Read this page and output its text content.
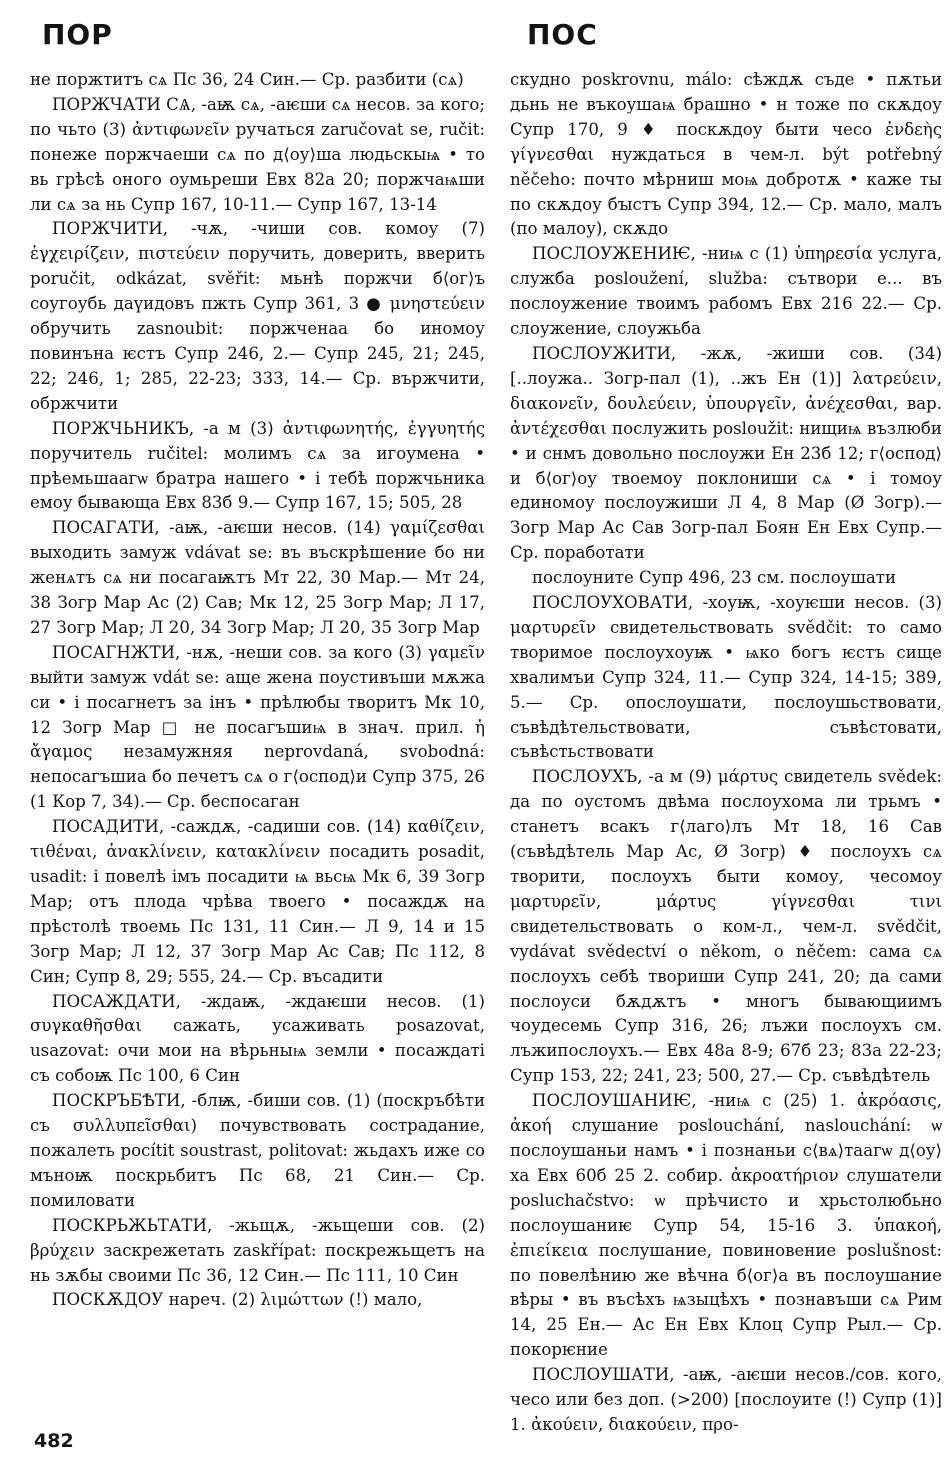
ПОР	ПОС

не поржтитъ сѧ Пс 36, 24 Син.— Ср. разбити (сѧ)

ПОРЖЧАТИ СѦ, -аѭ сѧ, -аѥши сѧ несов. за кого; по чьто (3) ἀντιφωνεῖν ручаться zaručovat se, ručit: понеже поржчаеши сѧ по д⟨оу⟩ша людьскыѩ • то вь грѣсѣ оного оумьреши Евх 82а 20; поржчаѩши ли сѧ за нь Супр 167, 10-11.— Супр 167, 13-14

ПОРЖЧИТИ, -чѫ, -чиши сов. комоу (7) ἐγχειρίζειν, πιστεύειν поручить, доверить, вверить poručit, odkázat, svěřit: мьнѣ поржчи б⟨ог⟩ъ соугоубь даүидовъ пжть Супр 361, 3 ● μνηστεύειν обручить zasnoubit: поржченаа бо иномоу повинъна ѥстъ Супр 246, 2.— Супр 245, 21; 245, 22; 246, 1; 285, 22-23; 333, 14.— Ср. вържчити, обржчити

ПОРЖЧЬНИКЪ, -а м (3) ἀντιφωνητής, ἐγγυητής поручитель ručitel: молимъ сѧ за игоумена • прѣемьшаагѡ братра нашего • і тебѣ поржчьника емоу бывающа Евх 83б 9.— Супр 167, 15; 505, 28

ПОСАГАТИ, -аѭ, -аѥши несов. (14) γαμίζεσθαι выходить замуж vdávat se: въ въскрѣшение бо ни женѧтъ сѧ ни посагаѭтъ Мт 22, 30 Мар.— Мт 24, 38 Зогр Мар Ас (2) Сав; Мк 12, 25 Зогр Мар; Л 17, 27 Зогр Мар; Л 20, 34 Зогр Мар; Л 20, 35 Зогр Мар

ПОСАГНЖТИ, -нѫ, -неши сов. за кого (3) γαμεῖν выйти замуж vdát se: аще жена поустивъши мѫжа си • і посагнетъ за інъ • прѣлюбы творитъ Мк 10, 12 Зогр Мар □ не посагъшиѩ в знач. прил. ἡ ἄγαμος незамужняя neprovdaná, svobodná: непосагъшиа бо печетъ сѧ о г⟨оспод⟩и Супр 375, 26 (1 Кор 7, 34).— Ср. беспосаган

ПОСАДИТИ, -саждѫ, -садиши сов. (14) καθίζειν, τιθέναι, ἀνακλίνειν, κατακλίνειν посадить posadit, usadit: і повелѣ імъ посадити ѩ вьсѩ Мк 6, 39 Зогр Мар; отъ плода чрѣва твоего • посаждѫ на прѣстолѣ твоемь Пс 131, 11 Син.— Л 9, 14 и 15 Зогр Мар; Л 12, 37 Зогр Мар Ас Сав; Пс 112, 8 Син; Супр 8, 29; 555, 24.— Ср. въсадити

ПОСАЖДАТИ, -ждаѭ, -ждаѥши несов. (1) συγκαθῆσθαι сажать, усаживать posazovat, usazovat: очи мои на вѣрьныѩ земли • посаждаті съ собоѭ Пс 100, 6 Син

ПОСКРЪБѢТИ, -блѭ, -биши сов. (1) (поскръбѣти съ συλλυπεῖσθαι) почувствовать сострадание, пожалеть pocítit soustrast, politovat: жьдахъ иже со мъноѭ поскрьбитъ Пс 68, 21 Син.— Ср. помиловати

ПОСКРЬЖЬТАТИ, -жьщѫ, -жьщеши сов. (2) βρύχειν заскрежетать zaskřípat: поскрежьщетъ на нь зѫбы своими Пс 36, 12 Син.— Пс 111, 10 Син

ПОСКѪДОУ нареч. (2) λιμώττων (!) мало,

скудно poskrovnu, málo: сѣждѫ съде • пѫтьи дьнь не въкоушаѩ брашно • н тоже по скѫдоу Супр 170, 9 ♦ поскѫдоу быти чесо ἐνδεὴς γίγνεσθαι нуждаться в чем-л. být potřebný něčeho: почто мѣрниш моѩ добротѫ • каже ты по скѫдоу бꙑстъ Супр 394, 12.— Ср. мало, малъ (по малоу), скѫдо

ПОСЛОУЖЕНИѤ, -ниѩ с (1) ὑπηρεσία услуга, служба posloužení, služba: сътвори е... въ послоужение твоимъ рабомъ Евх 216 22.— Ср. слоужение, слоужьба

ПОСЛОУЖИТИ, -жѫ, -жиши сов. (34) [..лоужа.. Зогр-пал (1), ..жъ Ен (1)] λατρεύειν, διακονεῖν, δουλεύειν, ὑπουργεῖν, ἀνέχεσθαι, вар. ἀντέχεσθαι послужить posloužit: нищиѩ възлюби • и снмъ довольно послоужи Ен 23б 12; г⟨оспод⟩и б⟨ог⟩оу твоемоу поклониши сѧ • і томоу единомоу послоужиши Л 4, 8 Мар (Ø Зогр).— Зогр Мар Ас Сав Зогр-пал Боян Ен Евх Супр.— Ср. поработати

послоуните Супр 496, 23 см. послоушати

ПОСЛОУХОВАТИ, -хоуѭ, -хоуѥши несов. (3) μαρτυρεῖν свидетельствовать svědčit: то само творимое послоухоуѭ • ѩко богъ ѥстъ сище хвалимъи Супр 324, 11.— Супр 324, 14-15; 389, 5.— Ср. опослоушати, послоушьствовати, съвѣдѣтельствовати, съвѣстовати, съвѣстьствовати

ПОСЛОУХЪ, -а м (9) μάρτυς свидетель svědek: да по оустомъ двѣма послоухома ли трьмъ • станетъ всакъ г⟨лаго⟩лъ Мт 18, 16 Сав (съвѣдѣтель Мар Ас, Ø Зогр) ♦ послоухъ сѧ творити, послоухъ быти комоу, чесомоу μαρτυρεῖν, μάρτυς γίγνεσθαι τινι свидетельствовать о ком-л., чем-л. svědčit, vydávat svědectví o někom, o něčem: сама сѧ послоухъ себѣ твориши Супр 241, 20; да сами послоуси бѫдѫтъ • многъ бывающиимъ чоудесемь Супр 316, 26; лъжи послоухъ см. лъжипослоухъ.— Евх 48а 8-9; 67б 23; 83а 22-23; Супр 153, 22; 241, 23; 500, 27.— Ср. съвѣдѣтель

ПОСЛОУШАНИѤ, -ниѩ с (25) 1. ἀκρόασις, ἀκοή слушание poslouchání, naslouchání: ѡ послоушаньи намъ • і познаньи с⟨вѧ⟩таагѡ д⟨оу⟩ха Евх 60б 25 2. собир. ἀκροατήριον слушатели posluchačstvo: ѡ прѣчисто и хрьстолюбьно послоушаниѥ Супр 54, 15-16 3. ὑπακοή, ἐπιείκεια послушание, повиновение poslušnost: по повелѣнию же вѣчна б⟨ог⟩а въ послоушание вѣры • въ въсѣхъ ѩзыцѣхъ • познавъши сѧ Рим 14, 25 Ен.— Ас Ен Евх Клоц Супр Рыл.— Ср. покорѥние

ПОСЛОУШАТИ, -аѭ, -аѥши несов./сов. кого, чесо или без доп. (>200) [послоуите (!) Супр (1)] 1. ἀκούειν, διακούειν, προ-

482
